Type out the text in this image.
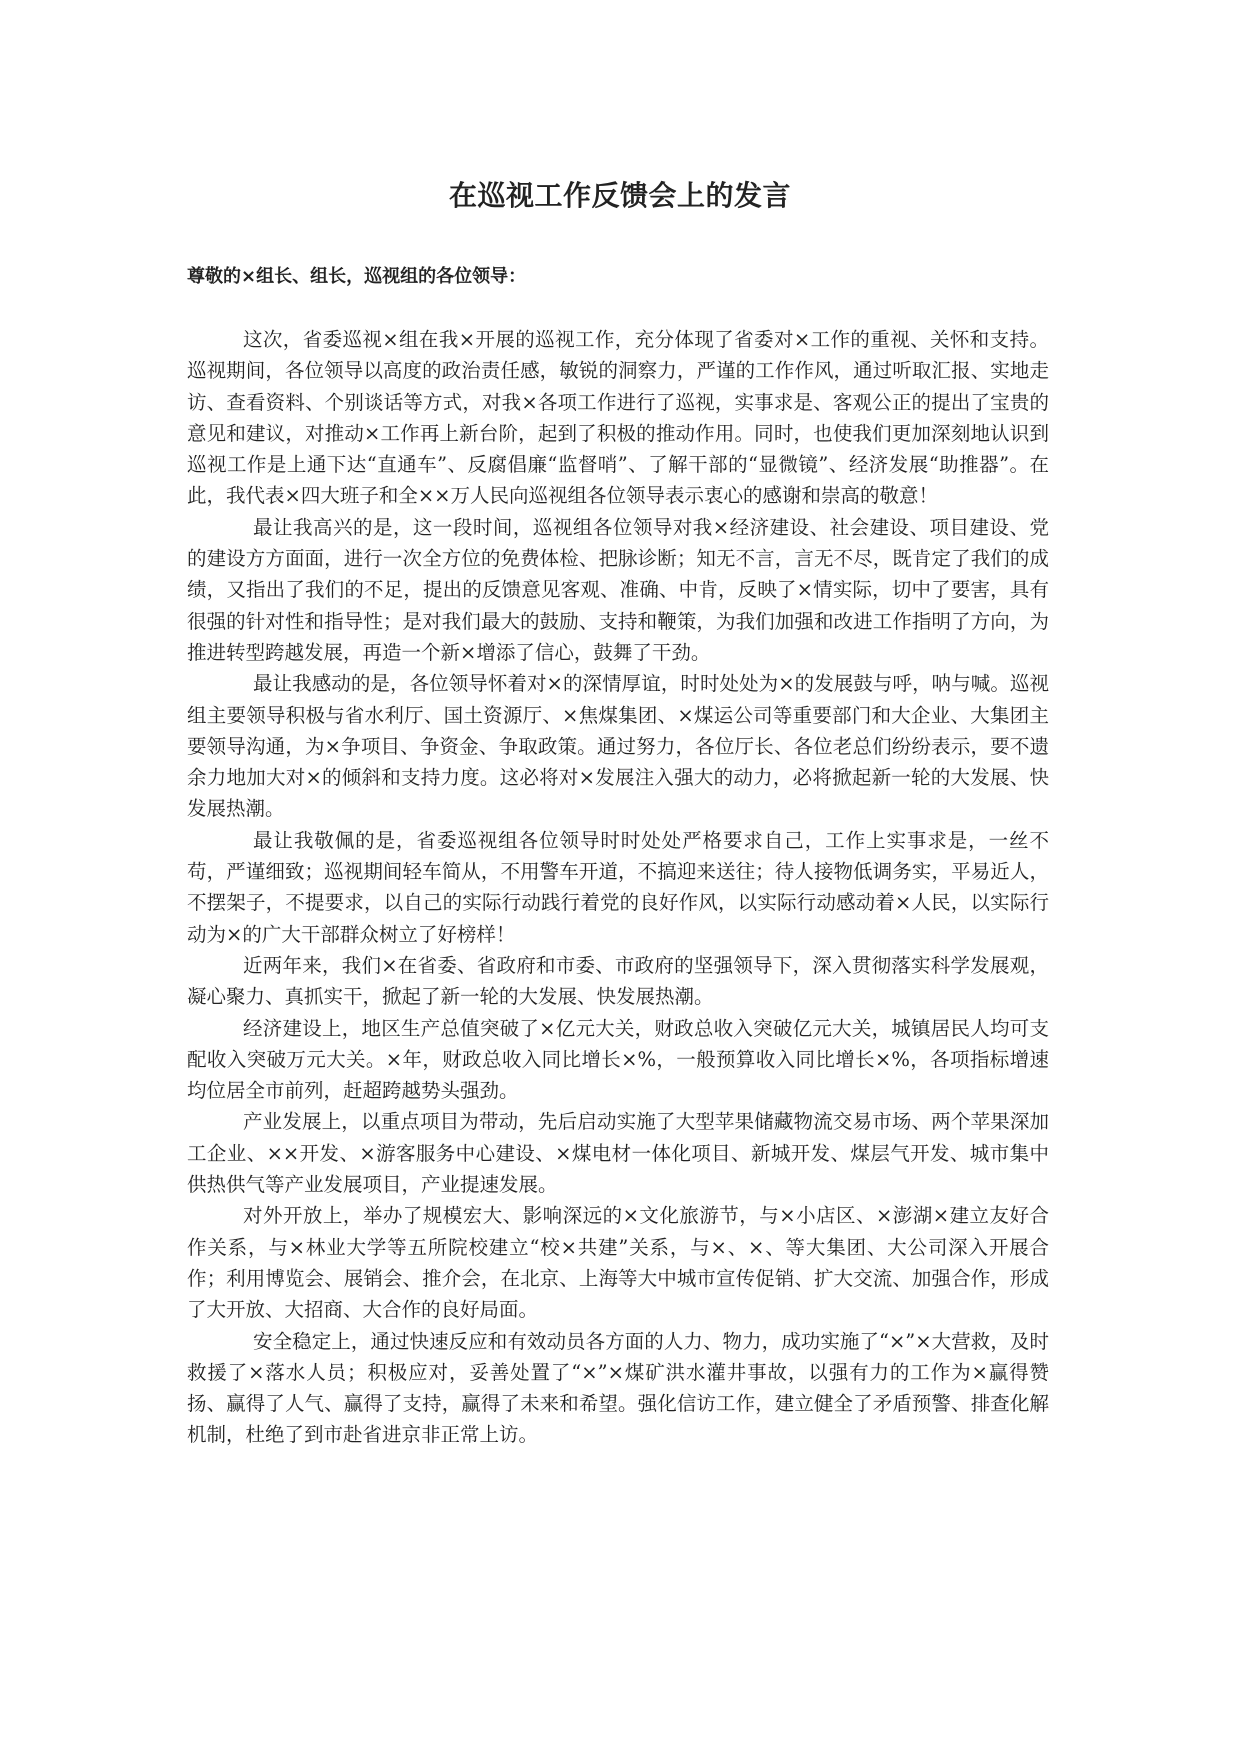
在巡视工作反馈会上的发言
尊敬的×组长、组长，巡视组的各位领导：

这次，省委巡视×组在我×开展的巡视工作，充分体现了省委对×工作的重视、关怀和支持。巡视期间，各位领导以高度的政治责任感，敏锐的洞察力，严谨的工作作风，通过听取汇报、实地走访、查看资料、个别谈话等方式，对我×各项工作进行了巡视，实事求是、客观公正的提出了宝贵的意见和建议，对推动×工作再上新台阶，起到了积极的推动作用。同时，也使我们更加深刻地认识到巡视工作是上通下达“直通车”、反腐倡廉“监督哨”、了解干部的“显微镜”、经济发展“助推器”。在此，我代表×四大班子和全××万人民向巡视组各位领导表示衷心的感谢和崇高的敬意！

最让我高兴的是，这一段时间，巡视组各位领导对我×经济建设、社会建设、项目建设、党的建设方方面面，进行一次全方位的免费体检、把脉诊断；知无不言，言无不尽，既肯定了我们的成绩，又指出了我们的不足，提出的反馈意见客观、准确、中肯，反映了×情实际，切中了要害，具有很强的针对性和指导性；是对我们最大的鼓励、支持和鞭策，为我们加强和改进工作指明了方向，为推进转型跨越发展，再造一个新×增添了信心，鼓舞了干劲。

最让我感动的是，各位领导怀着对×的深情厚谊，时时处处为×的发展鼓与呼，呐与喊。巡视组主要领导积极与省水利厅、国土资源厅、×焦煤集团、×煤运公司等重要部门和大企业、大集团主要领导沟通，为×争项目、争资金、争取政策。通过努力，各位厅长、各位老总们纷纷表示，要不遗余力地加大对×的倾斜和支持力度。这必将对×发展注入强大的动力，必将掀起新一轮的大发展、快发展热潮。

最让我敬佩的是，省委巡视组各位领导时时处处严格要求自己，工作上实事求是，一丝不苟，严谨细致；巡视期间轻车简从，不用警车开道，不搞迎来送往；待人接物低调务实，平易近人，不摆架子，不提要求，以自己的实际行动践行着党的良好作风，以实际行动感动着×人民，以实际行动为×的广大干部群众树立了好榜样！

近两年来，我们×在省委、省政府和市委、市政府的坚强领导下，深入贯彻落实科学发展观，凝心聚力、真抓实干，掀起了新一轮的大发展、快发展热潮。

经济建设上，地区生产总值突破了×亿元大关，财政总收入突破亿元大关，城镇居民人均可支配收入突破万元大关。×年，财政总收入同比增长×%，一般预算收入同比增长×%，各项指标增速均位居全市前列，赶超跨越势头强劲。

产业发展上，以重点项目为带动，先后启动实施了大型苹果储藏物流交易市场、两个苹果深加工企业、××开发、×游客服务中心建设、×煤电材一体化项目、新城开发、煤层气开发、城市集中供热供气等产业发展项目，产业提速发展。

对外开放上，举办了规模宏大、影响深远的×文化旅游节，与×小店区、×澎湖×建立友好合作关系，与×林业大学等五所院校建立“校×共建”关系，与×、×、等大集团、大公司深入开展合作；利用博览会、展销会、推介会，在北京、上海等大中城市宣传促销、扩大交流、加强合作，形成了大开放、大招商、大合作的良好局面。

安全稳定上，通过快速反应和有效动员各方面的人力、物力，成功实施了“×”×大营救，及时救援了×落水人员；积极应对，妥善处置了“×”×煤矿洪水灌井事故，以强有力的工作为×赢得赞扬、赢得了人气、赢得了支持，赢得了未来和希望。强化信访工作，建立健全了矛盾预警、排查化解机制，杜绝了到市赴省进京非正常上访。
